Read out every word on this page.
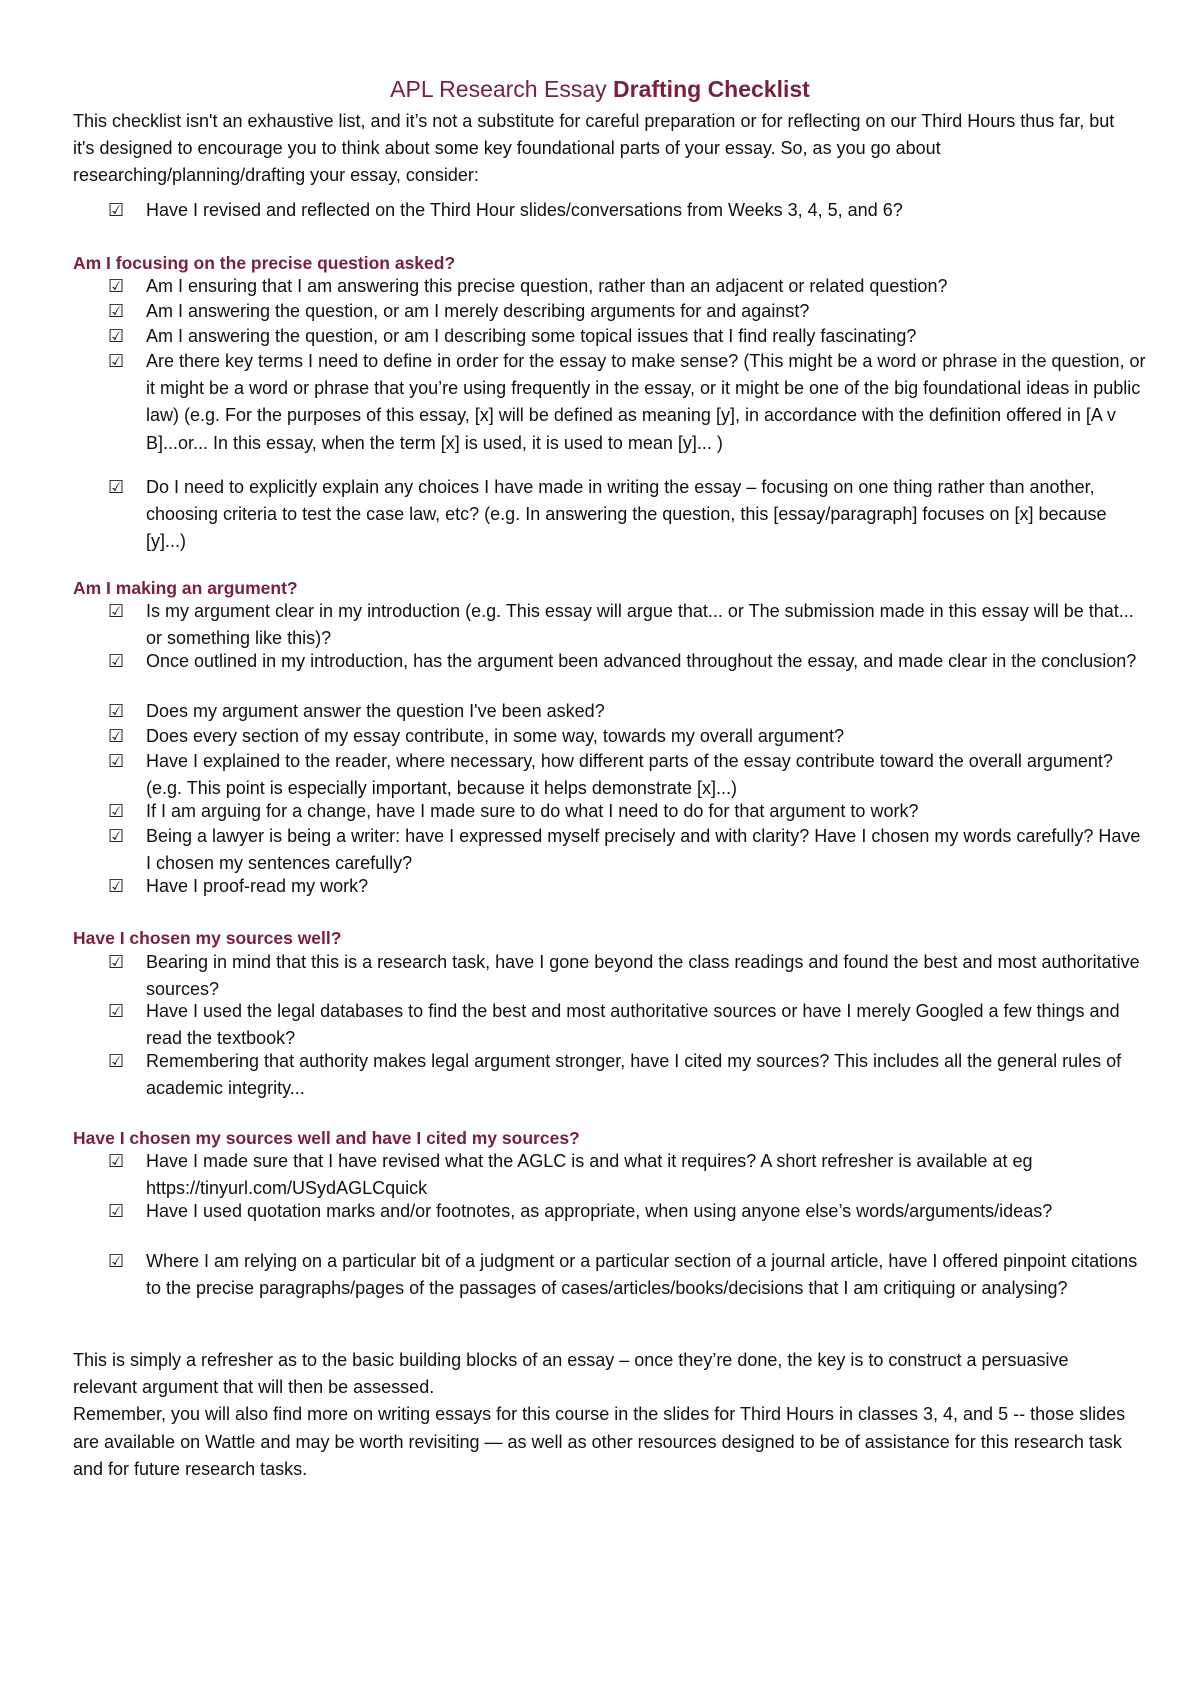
APL Research Essay Drafting Checklist

This checklist isn't an exhaustive list, and it’s not a substitute for careful preparation or for reflecting on our Third Hours thus far, but it's designed to encourage you to think about some key foundational parts of your essay. So, as you go about researching/planning/drafting your essay, consider:

☑ Have I revised and reflected on the Third Hour slides/conversations from Weeks 3, 4, 5, and 6?
Am I focusing on the precise question asked?
☑ Am I ensuring that I am answering this precise question, rather than an adjacent or related question?
☑ Am I answering the question, or am I merely describing arguments for and against?
☑ Am I answering the question, or am I describing some topical issues that I find really fascinating?
☑ Are there key terms I need to define in order for the essay to make sense? (This might be a word or phrase in the question, or it might be a word or phrase that you’re using frequently in the essay, or it might be one of the big foundational ideas in public law) (e.g. For the purposes of this essay, [x] will be defined as meaning [y], in accordance with the definition offered in [A v B]...or... In this essay, when the term [x] is used, it is used to mean [y]... )
☑ Do I need to explicitly explain any choices I have made in writing the essay – focusing on one thing rather than another, choosing criteria to test the case law, etc? (e.g. In answering the question, this [essay/paragraph] focuses on [x] because [y]...)
Am I making an argument?
☑ Is my argument clear in my introduction (e.g. This essay will argue that... or The submission made in this essay will be that... or something like this)?
☑ Once outlined in my introduction, has the argument been advanced throughout the essay, and made clear in the conclusion?
☑ Does my argument answer the question I've been asked?
☑ Does every section of my essay contribute, in some way, towards my overall argument?
☑ Have I explained to the reader, where necessary, how different parts of the essay contribute toward the overall argument? (e.g. This point is especially important, because it helps demonstrate [x]...)
☑ If I am arguing for a change, have I made sure to do what I need to do for that argument to work?
☑ Being a lawyer is being a writer: have I expressed myself precisely and with clarity? Have I chosen my words carefully? Have I chosen my sentences carefully?
☑ Have I proof-read my work?
Have I chosen my sources well?
☑ Bearing in mind that this is a research task, have I gone beyond the class readings and found the best and most authoritative sources?
☑ Have I used the legal databases to find the best and most authoritative sources or have I merely Googled a few things and read the textbook?
☑ Remembering that authority makes legal argument stronger, have I cited my sources? This includes all the general rules of academic integrity...
Have I chosen my sources well and have I cited my sources?
☑ Have I made sure that I have revised what the AGLC is and what it requires? A short refresher is available at eg https://tinyurl.com/USydAGLCquick
☑ Have I used quotation marks and/or footnotes, as appropriate, when using anyone else’s words/arguments/ideas?
☑ Where I am relying on a particular bit of a judgment or a particular section of a journal article, have I offered pinpoint citations to the precise paragraphs/pages of the passages of cases/articles/books/decisions that I am critiquing or analysing?

This is simply a refresher as to the basic building blocks of an essay – once they’re done, the key is to construct a persuasive relevant argument that will then be assessed.

Remember, you will also find more on writing essays for this course in the slides for Third Hours in classes 3, 4, and 5 -- those slides are available on Wattle and may be worth revisiting — as well as other resources designed to be of assistance for this research task and for future research tasks.
